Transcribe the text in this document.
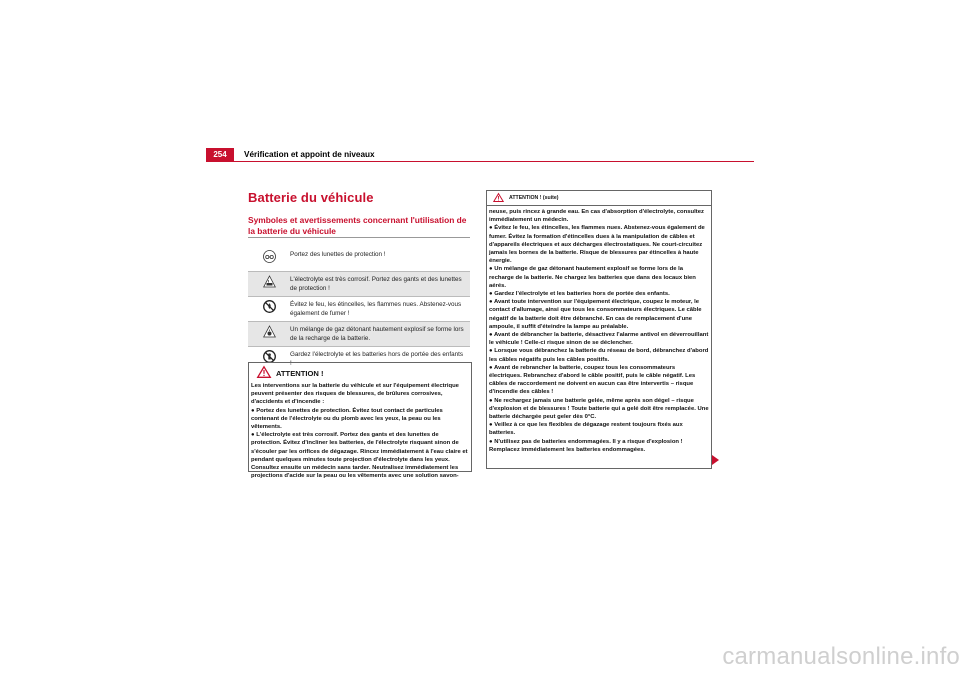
254	Vérification et appoint de niveaux
Batterie du véhicule
Symboles et avertissements concernant l'utilisation de la batterie du véhicule
Portez des lunettes de protection !
L'électrolyte est très corrosif. Portez des gants et des lunettes de protection !
Évitez le feu, les étincelles, les flammes nues. Abstenez-vous également de fumer !
Un mélange de gaz détonant hautement explosif se forme lors de la recharge de la batterie.
Gardez l'électrolyte et les batteries hors de portée des enfants !
ATTENTION !
Les interventions sur la batterie du véhicule et sur l'équipement électrique peuvent présenter des risques de blessures, de brûlures corrosives, d'accidents et d'incendie :
● Portez des lunettes de protection. Évitez tout contact de particules contenant de l'électrolyte ou du plomb avec les yeux, la peau ou les vêtements.
● L'électrolyte est très corrosif. Portez des gants et des lunettes de protection. Évitez d'incliner les batteries, de l'électrolyte risquant sinon de s'écouler par les orifices de dégazage. Rincez immédiatement à l'eau claire et pendant quelques minutes toute projection d'électrolyte dans les yeux. Consultez ensuite un médecin sans tarder. Neutralisez immédiatement les projections d'acide sur la peau ou les vêtements avec une solution savon-
ATTENTION ! (suite)
neuse, puis rincez à grande eau. En cas d'absorption d'électrolyte, consultez immédiatement un médecin.
● Évitez le feu, les étincelles, les flammes nues. Abstenez-vous également de fumer. Évitez la formation d'étincelles dues à la manipulation de câbles et d'appareils électriques et aux décharges électrostatiques. Ne court-circuitez jamais les bornes de la batterie. Risque de blessures par étincelles à haute énergie.
● Un mélange de gaz détonant hautement explosif se forme lors de la recharge de la batterie. Ne chargez les batteries que dans des locaux bien aérés.
● Gardez l'électrolyte et les batteries hors de portée des enfants.
● Avant toute intervention sur l'équipement électrique, coupez le moteur, le contact d'allumage, ainsi que tous les consommateurs électriques. Le câble négatif de la batterie doit être débranché. En cas de remplacement d'une ampoule, il suffit d'éteindre la lampe au préalable.
● Avant de débrancher la batterie, désactivez l'alarme antivol en déverrouillant le véhicule ! Celle-ci risque sinon de se déclencher.
● Lorsque vous débranchez la batterie du réseau de bord, débranchez d'abord les câbles négatifs puis les câbles positifs.
● Avant de rebrancher la batterie, coupez tous les consommateurs électriques. Rebranchez d'abord le câble positif, puis le câble négatif. Les câbles de raccordement ne doivent en aucun cas être intervertis – risque d'incendie des câbles !
● Ne rechargez jamais une batterie gelée, même après son dégel – risque d'explosion et de blessures ! Toute batterie qui a gelé doit être remplacée. Une batterie déchargée peut geler dès 0°C.
● Veillez à ce que les flexibles de dégazage restent toujours fixés aux batteries.
● N'utilisez pas de batteries endommagées. Il y a risque d'explosion ! Remplacez immédiatement les batteries endommagées.
carmanualsonline.info
